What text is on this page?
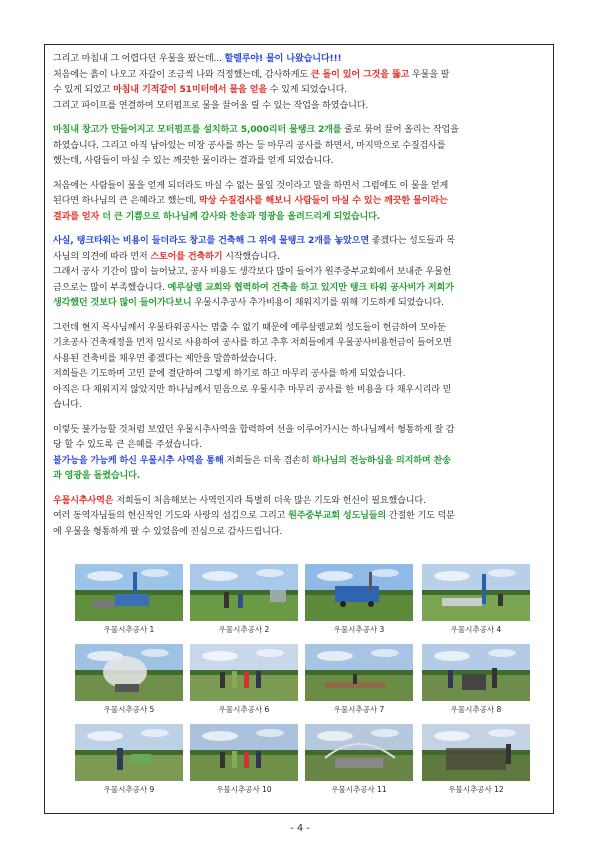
그리고 마침내 그 어렵다던 우물을 팠는데... 할렐루야! 물이 나왔습니다!!!
처음에는 흙이 나오고 자갈이 조금씩 나와 걱정했는데, 감사하게도 큰 돌이 있어 그것을 뚫고 우물을 팔
수 있게 되었고 마침내 기적같이 51미터에서 물을 얻을 수 있게 되었습니다.
그리고 파이프를 연결하여 모터펌프로 물을 끌어올 릴 수 있는 작업을 하였습니다.
마침내 창고가 만들어지고 모터펌프를 설치하고 5,000리터 물탱크 2개를 줄로 묶어 끌어 올리는 작업을
하였습니다. 그리고 아직 남아있는 미장 공사를 하는 등 마무리 공사를 하면서, 마지막으로 수질검사를
했는데, 사람들이 마실 수 있는 깨끗한 물이라는 결과를 얻게 되었습니다.
처음에는 사람들이 물을 얻게 되더라도 마실 수 없는 물일 것이라고 말을 하면서 그럼에도 이 물을 얻게
된다면 하나님의 큰 은혜라고 했는데, 막상 수질검사를 해보니 사람들이 마실 수 있는 깨끗한 물이라는
결과를 얻자 더 큰 기쁨으로 하나님께 감사와 찬송과 영광을 올려드리게 되었습니다.
사실, 탱크타워는 비용이 들더라도 창고를 건축해 그 위에 물탱크 2개를 놓았으면 좋겠다는 성도들과 목
사님의 의견에 따라 먼저 스토어를 건축하기 시작했습니다.
그래서 공사 기간이 많이 늘어났고, 공사 비용도 생각보다 많이 들어가 원주중부교회에서 보내준 우물헌
금으로는 많이 부족했습니다. 예루살렘 교회와 협력하여 건축을 하고 있지만 탱크 타워 공사비가 저희가
생각했던 것보다 많이 들어가다보니 우물시추공사 추가비용이 채워지기를 위해 기도하게 되었습니다.
그런데 현지 목사님께서 우물타워공사는 멈출 수 없기 때문에 예루살렘교회 성도들이 헌금하여 모아둔
기초공사 건축재정을 먼저 임시로 사용하여 공사를 하고 추후 저희들에게 우물공사비용헌금이 들어오면
사용된 건축비를 채우면 좋겠다는 제안을 말씀하셨습니다.
저희들은 기도하며 고민 끝에 결단하여 그렇게 하기로 하고 마무리 공사를 하게 되었습니다.
아직은 다 채워지지 않았지만 하나님께서 믿음으로 우물시추 마무리 공사를 한 비용을 다 채우시리라 믿
습니다.
이렇듯 불가능할 것처럼 보였던 우물시추사역을 합력하여 선을 이루어가시는 하나님께서 형통하게 잘 감
당 할 수 있도록 큰 은혜를 주셨습니다.
불가능을 가능케 하신 우물시추 사역을 통해 저희들은 더욱 겸손히 하나님의 전능하심을 의지하며 찬송
과 영광을 돌렸습니다.
우물시추사역은 저희들이 처음해보는 사역인지라 특별히 더욱 많은 기도와 헌신이 필요했습니다.
여러 동역자님들의 헌신적인 기도와 사랑의 섬김으로 그리고 원주중부교회 성도님들의 간절한 기도 덕분
에 우물을 형통하게 팔 수 있었음에 진심으로 감사드립니다.
우물시추공사 1	우물시추공사 2	우물시추공사 3	우물시추공사 4
우물시추공사 5	우물시추공사 6	우물시추공사 7	우물시추공사 8
우물시추공사 9	우물시추공사 10	우물시추공사 11	우물시추공사 12
- 4 -
